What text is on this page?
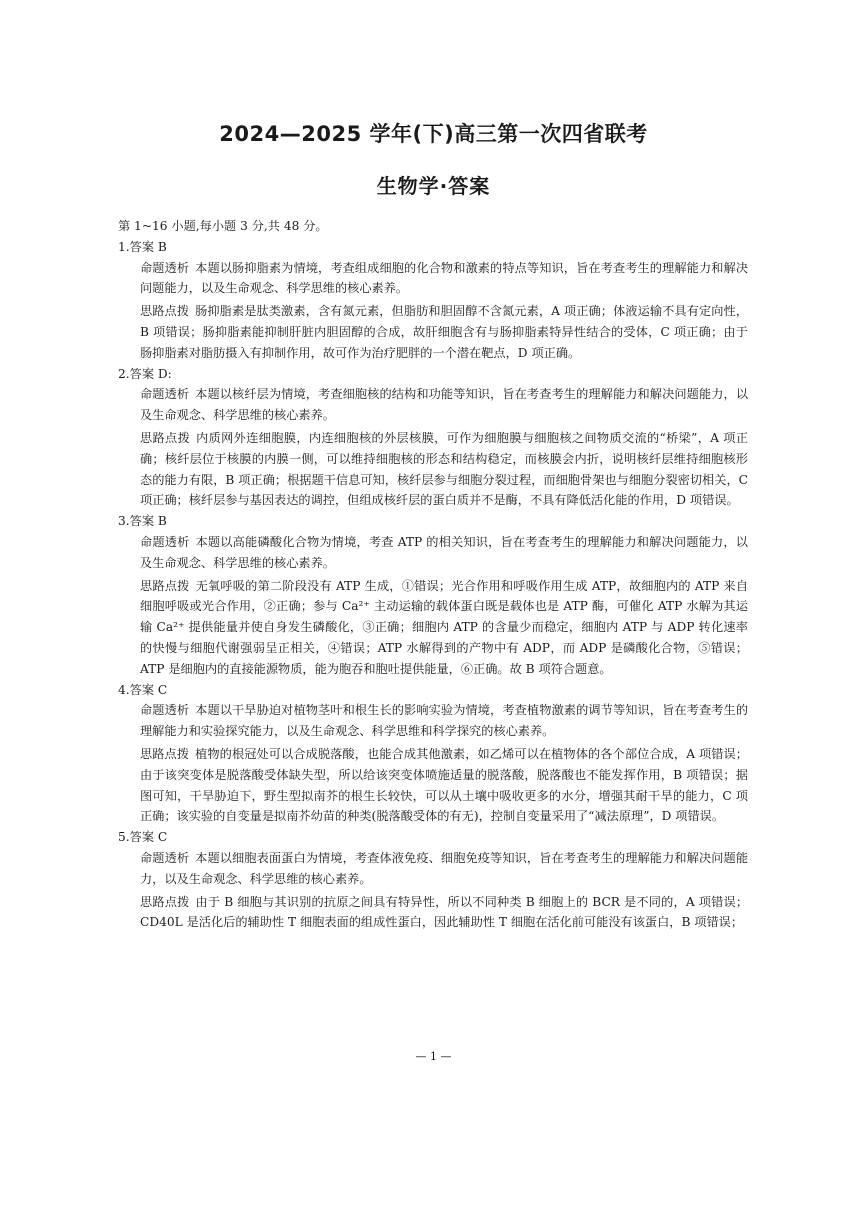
2024—2025 学年(下)高三第一次四省联考
生物学·答案

第 1~16 小题,每小题 3 分,共 48 分。

1.答案 B

命题透析 本题以肠抑脂素为情境，考查组成细胞的化合物和激素的特点等知识，旨在考查考生的理解能力和解决问题能力，以及生命观念、科学思维的核心素养。

思路点拨 肠抑脂素是肽类激素，含有氮元素，但脂肪和胆固醇不含氮元素，A 项正确；体液运输不具有定向性，B 项错误；肠抑脂素能抑制肝脏内胆固醇的合成，故肝细胞含有与肠抑脂素特异性结合的受体，C 项正确；由于肠抑脂素对脂肪摄入有抑制作用，故可作为治疗肥胖的一个潜在靶点，D 项正确。

2.答案 D:

命题透析 本题以核纤层为情境，考查细胞核的结构和功能等知识，旨在考查考生的理解能力和解决问题能力，以及生命观念、科学思维的核心素养。

思路点拨 内质网外连细胞膜，内连细胞核的外层核膜，可作为细胞膜与细胞核之间物质交流的“桥梁”，A 项正确；核纤层位于核膜的内膜一侧，可以维持细胞核的形态和结构稳定，而核膜会内折，说明核纤层维持细胞核形态的能力有限，B 项正确；根据题干信息可知，核纤层参与细胞分裂过程，而细胞骨架也与细胞分裂密切相关，C 项正确；核纤层参与基因表达的调控，但组成核纤层的蛋白质并不是酶，不具有降低活化能的作用，D 项错误。

3.答案 B

命题透析 本题以高能磷酸化合物为情境，考查 ATP 的相关知识，旨在考查考生的理解能力和解决问题能力，以及生命观念、科学思维的核心素养。

思路点拨 无氧呼吸的第二阶段没有 ATP 生成，①错误；光合作用和呼吸作用生成 ATP，故细胞内的 ATP 来自细胞呼吸或光合作用，②正确；参与 Ca²⁺ 主动运输的载体蛋白既是载体也是 ATP 酶，可催化 ATP 水解为其运输 Ca²⁺ 提供能量并使自身发生磷酸化，③正确；细胞内 ATP 的含量少而稳定，细胞内 ATP 与 ADP 转化速率的快慢与细胞代谢强弱呈正相关，④错误；ATP 水解得到的产物中有 ADP，而 ADP 是磷酸化合物，⑤错误；ATP 是细胞内的直接能源物质，能为胞吞和胞吐提供能量，⑥正确。故 B 项符合题意。

4.答案 C

命题透析 本题以干旱胁迫对植物茎叶和根生长的影响实验为情境，考查植物激素的调节等知识，旨在考查考生的理解能力和实验探究能力，以及生命观念、科学思维和科学探究的核心素养。

思路点拨 植物的根冠处可以合成脱落酸，也能合成其他激素，如乙烯可以在植物体的各个部位合成，A 项错误；由于该突变体是脱落酸受体缺失型，所以给该突变体喷施适量的脱落酸，脱落酸也不能发挥作用，B 项错误；据图可知，干旱胁迫下，野生型拟南芥的根生长较快，可以从土壤中吸收更多的水分，增强其耐干旱的能力，C 项正确；该实验的自变量是拟南芥幼苗的种类(脱落酸受体的有无)，控制自变量采用了“减法原理”，D 项错误。

5.答案 C

命题透析 本题以细胞表面蛋白为情境，考查体液免疫、细胞免疫等知识，旨在考查考生的理解能力和解决问题能力，以及生命观念、科学思维的核心素养。

思路点拨 由于 B 细胞与其识别的抗原之间具有特异性，所以不同种类 B 细胞上的 BCR 是不同的，A 项错误；CD40L 是活化后的辅助性 T 细胞表面的组成性蛋白，因此辅助性 T 细胞在活化前可能没有该蛋白，B 项错误；

— 1 —
